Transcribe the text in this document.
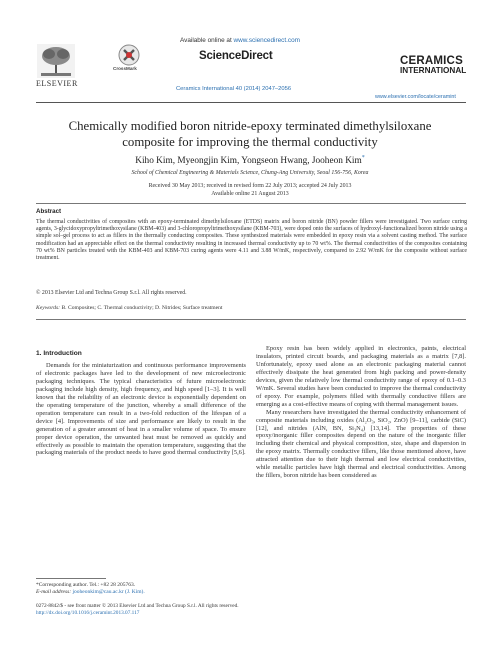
Available online at www.sciencedirect.com
ScienceDirect
CrossMark
ELSEVIER
Ceramics International 40 (2014) 2047–2056
CERAMICS
INTERNATIONAL
www.elsevier.com/locate/ceramint
Chemically modified boron nitride-epoxy terminated dimethylsiloxane
composite for improving the thermal conductivity
Kiho Kim, Myeongjin Kim, Yongseon Hwang, Jooheon Kim*
School of Chemical Engineering & Materials Science, Chung-Ang University, Seoul 156-756, Korea
Received 30 May 2013; received in revised form 22 July 2013; accepted 24 July 2013
Available online 21 August 2013
Abstract
The thermal conductivities of composites with an epoxy-terminated dimethylsiloxane (ETDS) matrix and boron nitride (BN) powder fillers were investigated. Two surface curing agents, 3-glycidoxypropyltrimethoxysilane (KBM-403) and 3-chloropropyltrimethoxysilane (KBM-703), were doped onto the surfaces of hydroxyl-functionalized boron nitride using a simple sol–gel process to act as fillers in the thermally conducting composites. These synthesized materials were embedded in epoxy resin via a solvent casting method. The surface modification had an appreciable effect on the thermal conductivity resulting in increased thermal conductivity up to 70 wt%. The thermal conductivities of the composites containing 70 wt% BN particles treated with the KBM-403 and KBM-703 curing agents were 4.11 and 3.88 W/mK, respectively, compared to 2.92 W/mK for the composite without surface treatment.
© 2013 Elsevier Ltd and Techna Group S.r.l. All rights reserved.
Keywords: B. Composites; C. Thermal conductivity; D. Nitrides; Surface treatment
1. Introduction

Demands for the miniaturization and continuous performance improvements of electronic packages have led to the development of new microelectronic packaging techniques. The typical characteristics of future microelectronic packaging include high density, high frequency, and high speed [1–3]. It is well known that the reliability of an electronic device is exponentially dependent on the operating temperature of the junction, whereby a small difference of the operation temperature can result in a two-fold reduction of the lifespan of a device [4]. Improvements of size and performance are likely to result in the generation of a greater amount of heat in a smaller volume of space. To ensure proper device operation, the unwanted heat must be removed as quickly and effectively as possible to maintain the operation temperature, suggesting that the packaging materials of the product needs to have good thermal conductivity [5,6].

Epoxy resin has been widely applied in electronics, paints, electrical insulators, printed circuit boards, and packaging materials as a matrix [7,8]. Unfortunately, epoxy used alone as an electronic packaging material cannot effectively dissipate the heat generated from high packing and power-density devices, given the relatively low thermal conductivity range of epoxy of 0.1–0.3 W/mK. Several studies have been conducted to improve the thermal conductivity of epoxy. For example, polymers filled with thermally conductive fillers are emerging as a cost-effective means of coping with thermal management issues.

Many researchers have investigated the thermal conductivity enhancement of composite materials including oxides (Al₂O₃, SiO₂, ZnO) [9–11], carbide (SiC) [12], and nitrides (AlN, BN, Si₃N₄) [13,14]. The properties of these epoxy/inorganic filler composites depend on the nature of the inorganic filler including their chemical and physical composition, size, shape and dispersion in the epoxy matrix. Thermally conductive fillers, like those mentioned above, have attracted attention due to their high thermal and low electrical conductivities, while metallic particles have high thermal and electrical conductivities. Among the fillers, boron nitride has been considered as

*Corresponding author. Tel.: +82 28 205763.
E-mail address: jooheonkim@cau.ac.kr (J. Kim).
0272-8842/$ - see front matter © 2013 Elsevier Ltd and Techna Group S.r.l. All rights reserved.
http://dx.doi.org/10.1016/j.ceramint.2013.07.117
